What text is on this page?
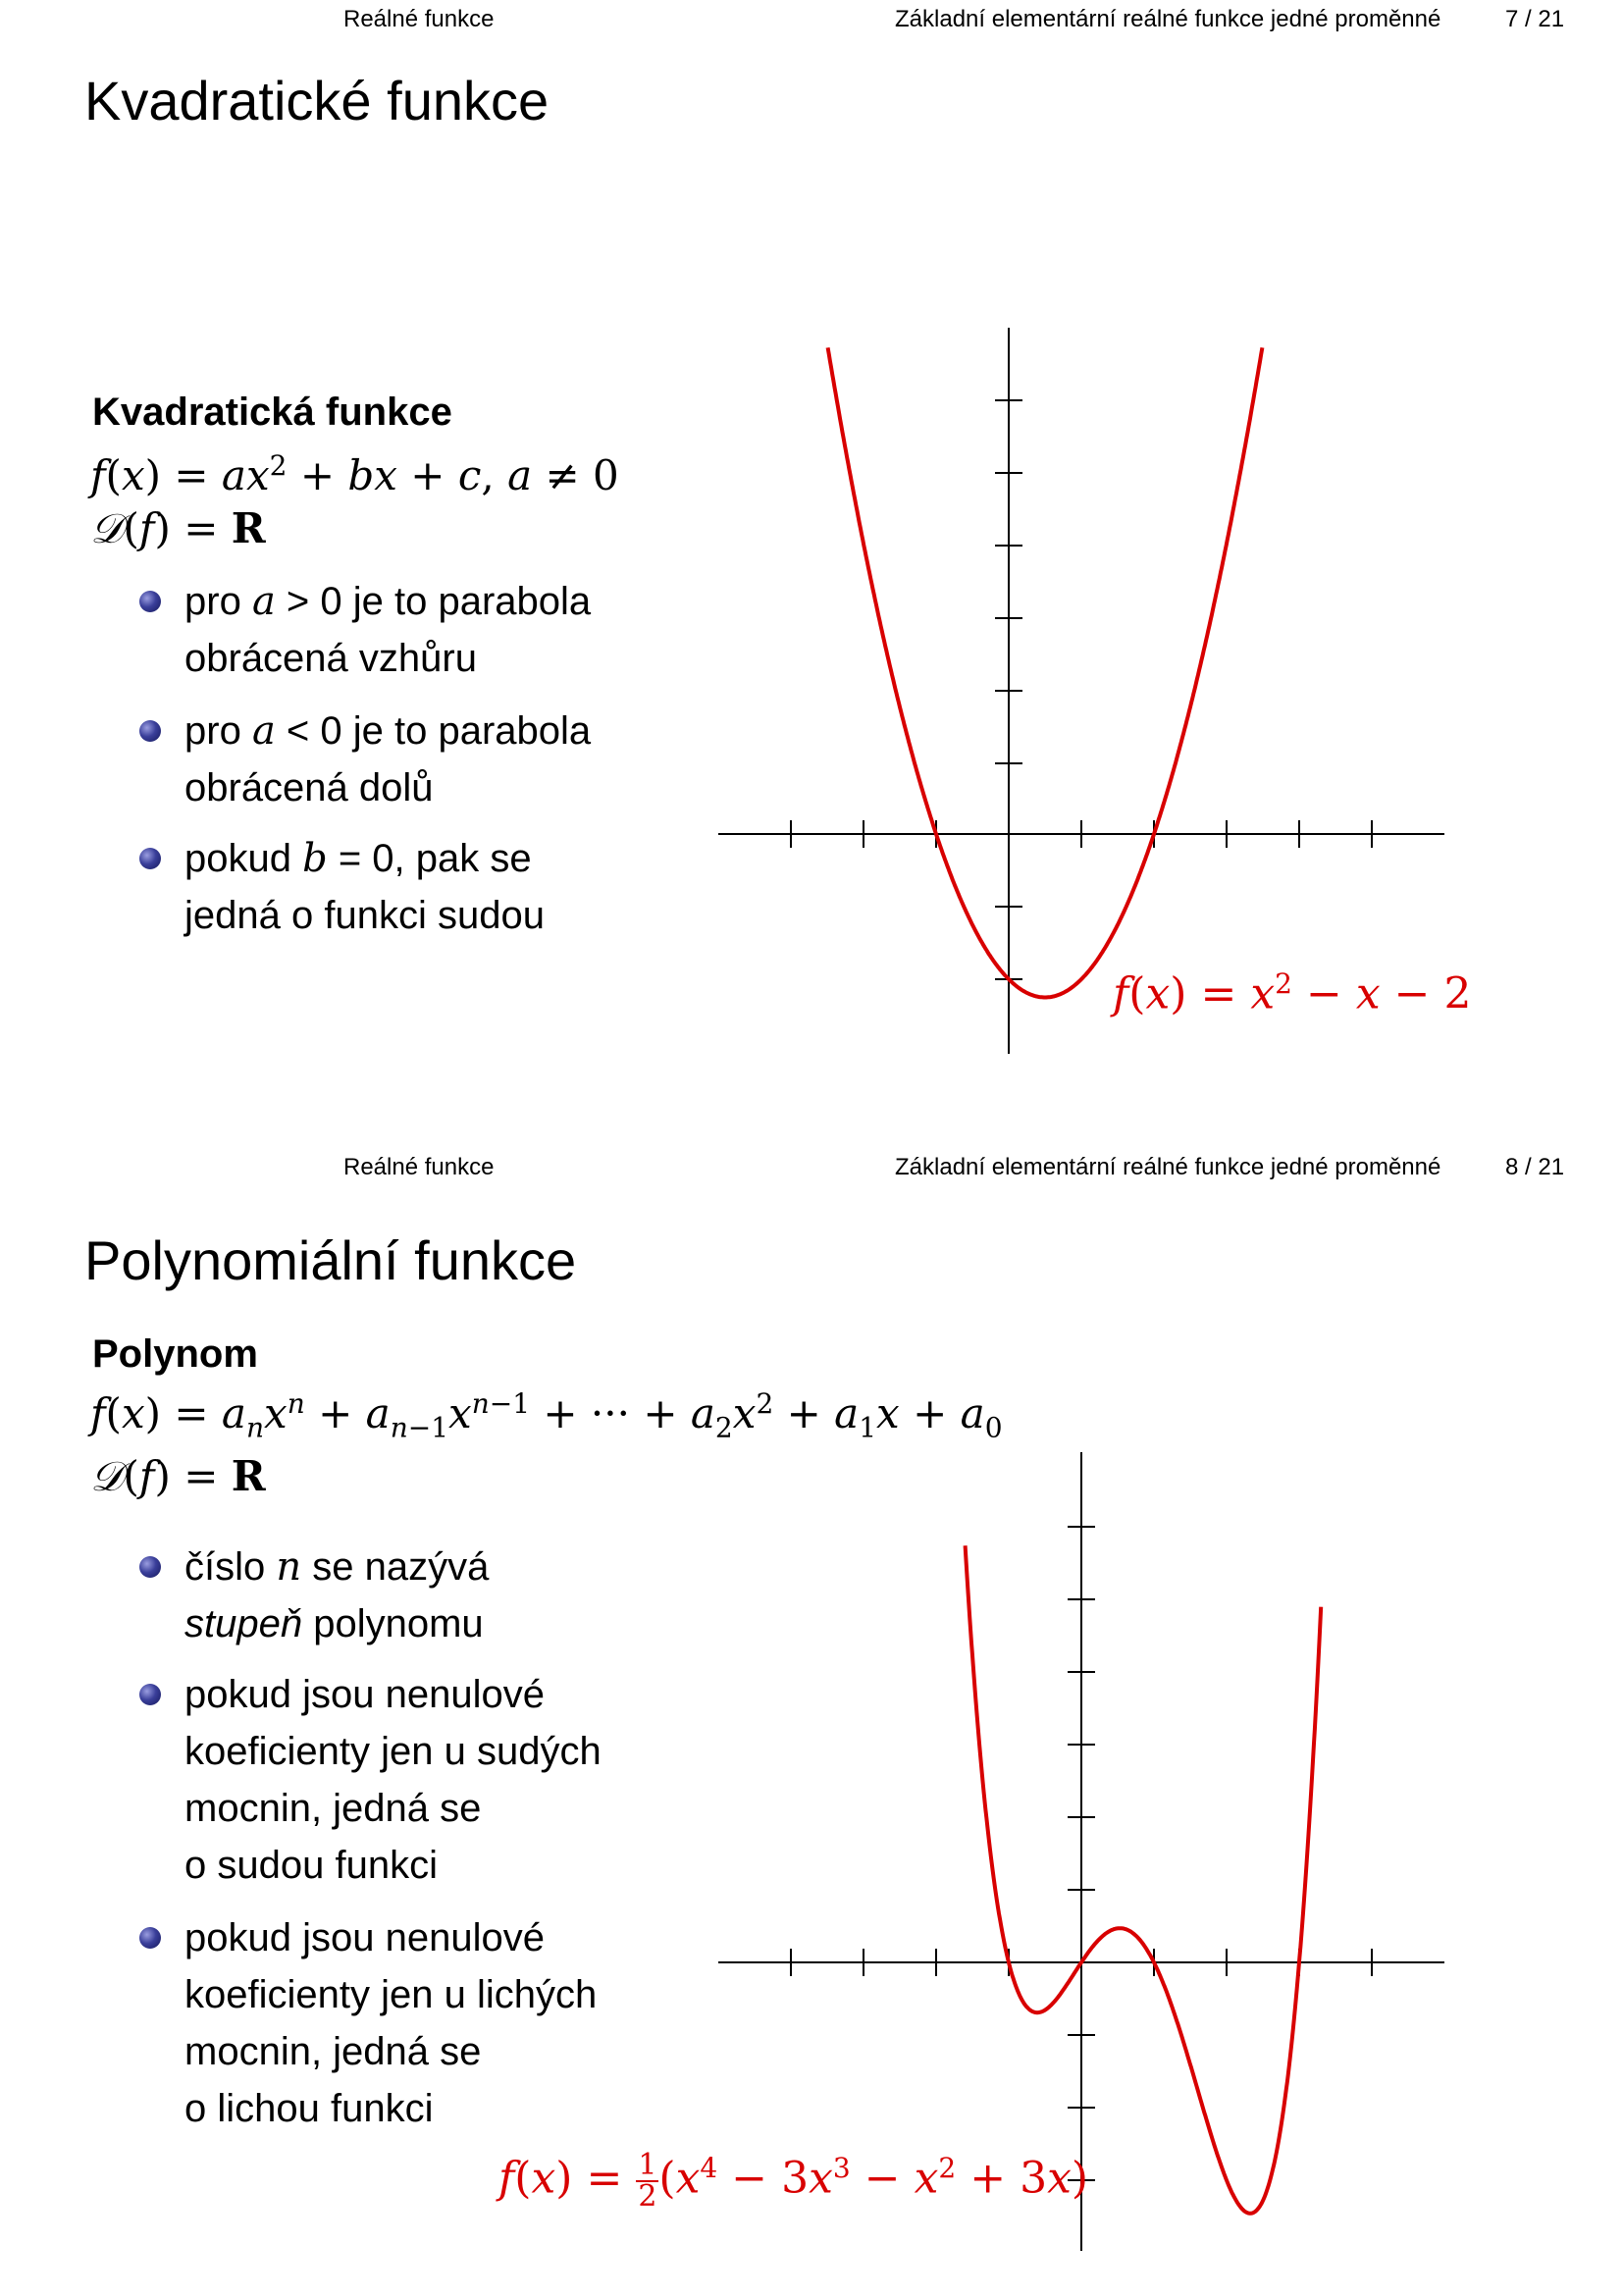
Reálné funkce	Základní elementární reálné funkce jedné proměnné	7 / 21
Kvadratické funkce
Kvadratická funkce
$f(x) = ax^2$ + bx + c, a ≠ 0
𝒟(f) = R
pro a > 0 je to parabola
obrácená vzhůru
pro a < 0 je to parabola
obrácená dolů
pokud b = 0, pak se
jedná o funkci sudou
$f(x) = x^2 - x - 2$
Reálné funkce	Základní elementární reálné funkce jedné proměnné	8 / 21
Polynomiální funkce
Polynom
$f(x) = a_nx^n + a_{n-1}x^{n-1}$ + ··· + $a_2x^2 + a_1x + a_0$
𝒟(f) = R
číslo n se nazývá
stupeň polynomu
pokud jsou nenulové
koeficienty jen u sudých
mocnin, jedná se
o sudou funkci
pokud jsou nenulové
koeficienty jen u lichých
mocnin, jedná se
o lichou funkci
$f(x) = \frac{1}{2} (x^4 - 3x^3 - x^2 + 3x)$
